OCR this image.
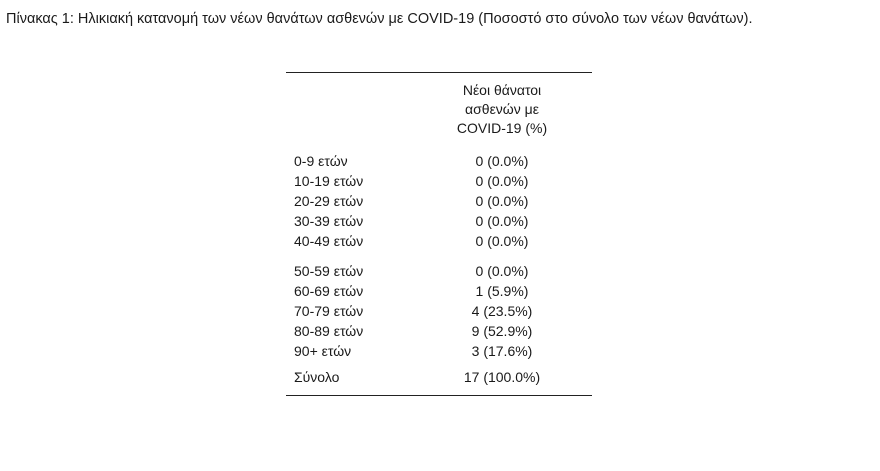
Πίνακας 1: Ηλικιακή κατανομή των νέων θανάτων ασθενών με COVID-19 (Ποσοστό στο σύνολο των νέων θανάτων).
Νέοι θάνατοι
ασθενών με
COVID-19 (%)
0-9 ετών	0 (0.0%)
10-19 ετών	0 (0.0%)
20-29 ετών	0 (0.0%)
30-39 ετών	0 (0.0%)
40-49 ετών	0 (0.0%)
50-59 ετών	0 (0.0%)
60-69 ετών	1 (5.9%)
70-79 ετών	4 (23.5%)
80-89 ετών	9 (52.9%)
90+ ετών	3 (17.6%)
Σύνολο	17 (100.0%)
